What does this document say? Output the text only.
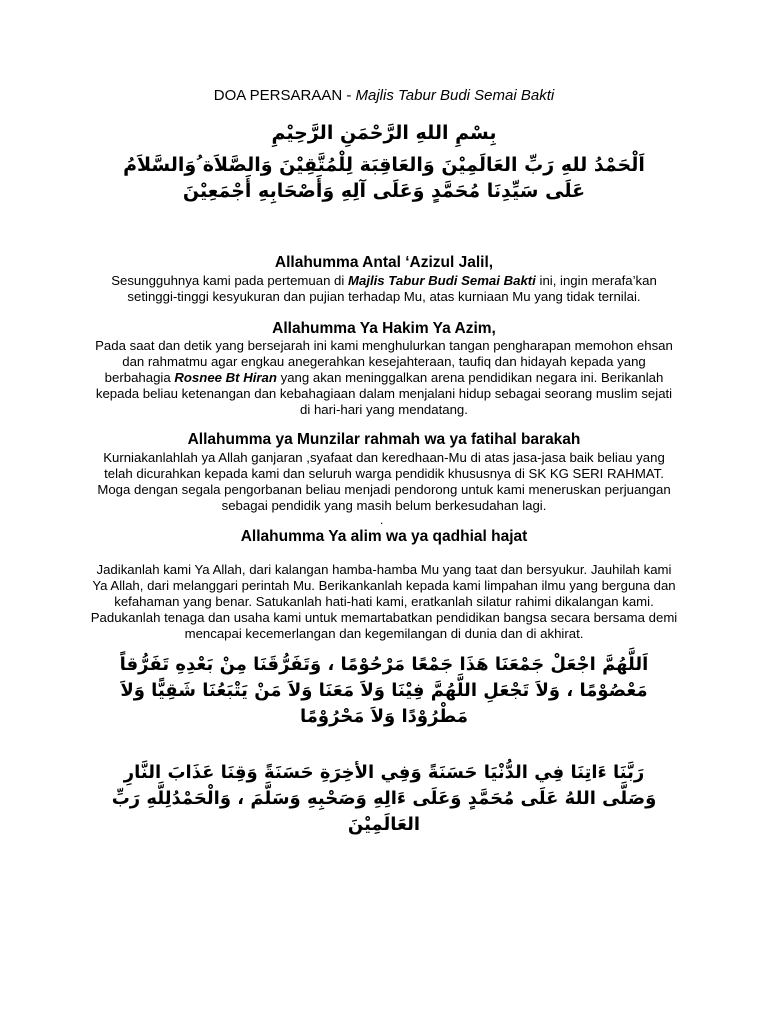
DOA PERSARAAN - Majlis Tabur Budi Semai Bakti
بِسْمِ اللهِ الرَّحْمَنِ الرَّحِيْمِ
اَلْحَمْدُ للهِ رَبِّ العَالَمِيْنَ وَالعَاقِبَة لِلْمُتَّقِيْنَ وَالصَّلاَة ُوَالسَّلاَمُ عَلَى سَيِّدِنَا مُحَمَّدٍ وَعَلَى آلِهِ وَأَصْحَابِهِ أَجْمَعِيْنَ
Allahumma Antal ‘Azizul Jalil,
Sesungguhnya kami pada pertemuan di Majlis Tabur Budi Semai Bakti ini, ingin merafa’kan setinggi-tinggi kesyukuran dan pujian terhadap Mu, atas kurniaan Mu yang tidak ternilai.
Allahumma Ya Hakim Ya Azim,
Pada saat dan detik yang bersejarah ini kami menghulurkan tangan pengharapan memohon ehsan dan rahmatmu agar engkau anegerahkan kesejahteraan, taufiq dan hidayah kepada yang berbahagia Rosnee Bt Hiran yang akan meninggalkan arena pendidikan negara ini. Berikanlah kepada beliau ketenangan dan kebahagiaan dalam menjalani hidup sebagai seorang muslim sejati di hari-hari yang mendatang.
Allahumma ya Munzilar rahmah wa ya fatihal barakah
Kurniakanlahlah ya Allah ganjaran ,syafaat dan keredhaan-Mu di atas jasa-jasa baik beliau yang telah dicurahkan kepada kami dan seluruh warga pendidik khususnya di SK KG SERI RAHMAT. Moga dengan segala pengorbanan beliau menjadi pendorong untuk kami meneruskan perjuangan sebagai pendidik yang masih belum berkesudahan lagi.
.
Allahumma Ya alim wa ya qadhial hajat
Jadikanlah kami Ya Allah, dari kalangan hamba-hamba Mu yang taat dan bersyukur. Jauhilah kami Ya Allah, dari melanggari perintah Mu. Berikankanlah kepada kami limpahan ilmu yang berguna dan kefahaman yang benar. Satukanlah hati-hati kami, eratkanlah silatur rahimi dikalangan kami. Padukanlah tenaga dan usaha kami untuk memartabatkan pendidikan bangsa secara bersama demi mencapai kecemerlangan dan kegemilangan di dunia dan di akhirat.
اَللَّهُمَّ اجْعَلْ جَمْعَنَا هَذَا جَمْعًا مَرْحُوْمًا ، وَتَفَرُّقَنَا مِنْ بَعْدِهِ تَفَرُّقاً مَعْصُوْمًا ، وَلاَ تَجْعَلِ اللَّهُمَّ فِيْنَا وَلاَ مَعَنَا وَلاَ مَنْ يَتْبَعُنَا شَقِيًّا وَلاَ مَطْرُوْدًا وَلاَ مَحْرُوْمًا
رَبَّنَا ءَاتِنَا فِي الدُّنْيَا حَسَنَةً وَفِي الأخِرَةِ حَسَنَةً وَقِنَا عَذَابَ النَّارِ وَصَلَّى اللهُ عَلَى مُحَمَّدٍ وَعَلَى ءَالِهِ وَصَحْبِهِ وَسَلَّمَ ، وَالْحَمْدُلِلَّهِ رَبِّ العَالَمِيْنَ
